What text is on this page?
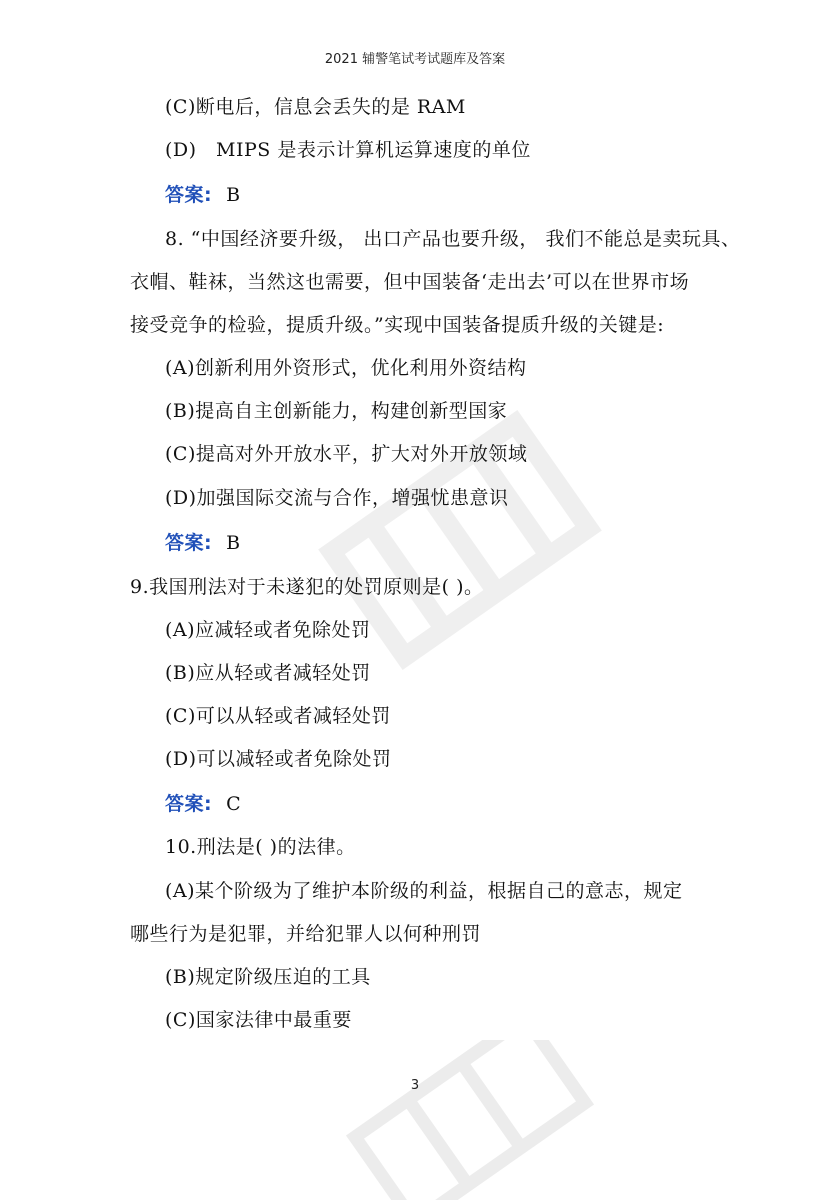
2021 辅警笔试考试题库及答案
(C)断电后，信息会丢失的是 RAM
(D)　MIPS 是表示计算机运算速度的单位
答案: B
8. “中国经济要升级， 出口产品也要升级， 我们不能总是卖玩具、
衣帽、鞋袜，当然这也需要，但中国装备‘走出去’可以在世界市场
接受竞争的检验，提质升级。”实现中国装备提质升级的关键是:
(A)创新利用外资形式，优化利用外资结构
(B)提高自主创新能力，构建创新型国家
(C)提高对外开放水平，扩大对外开放领域
(D)加强国际交流与合作，增强忧患意识
答案: B
9.我国刑法对于未遂犯的处罚原则是( )。
(A)应减轻或者免除处罚
(B)应从轻或者减轻处罚
(C)可以从轻或者减轻处罚
(D)可以减轻或者免除处罚
答案: C
10.刑法是( )的法律。
(A)某个阶级为了维护本阶级的利益，根据自己的意志，规定
哪些行为是犯罪，并给犯罪人以何种刑罚
(B)规定阶级压迫的工具
(C)国家法律中最重要
3
